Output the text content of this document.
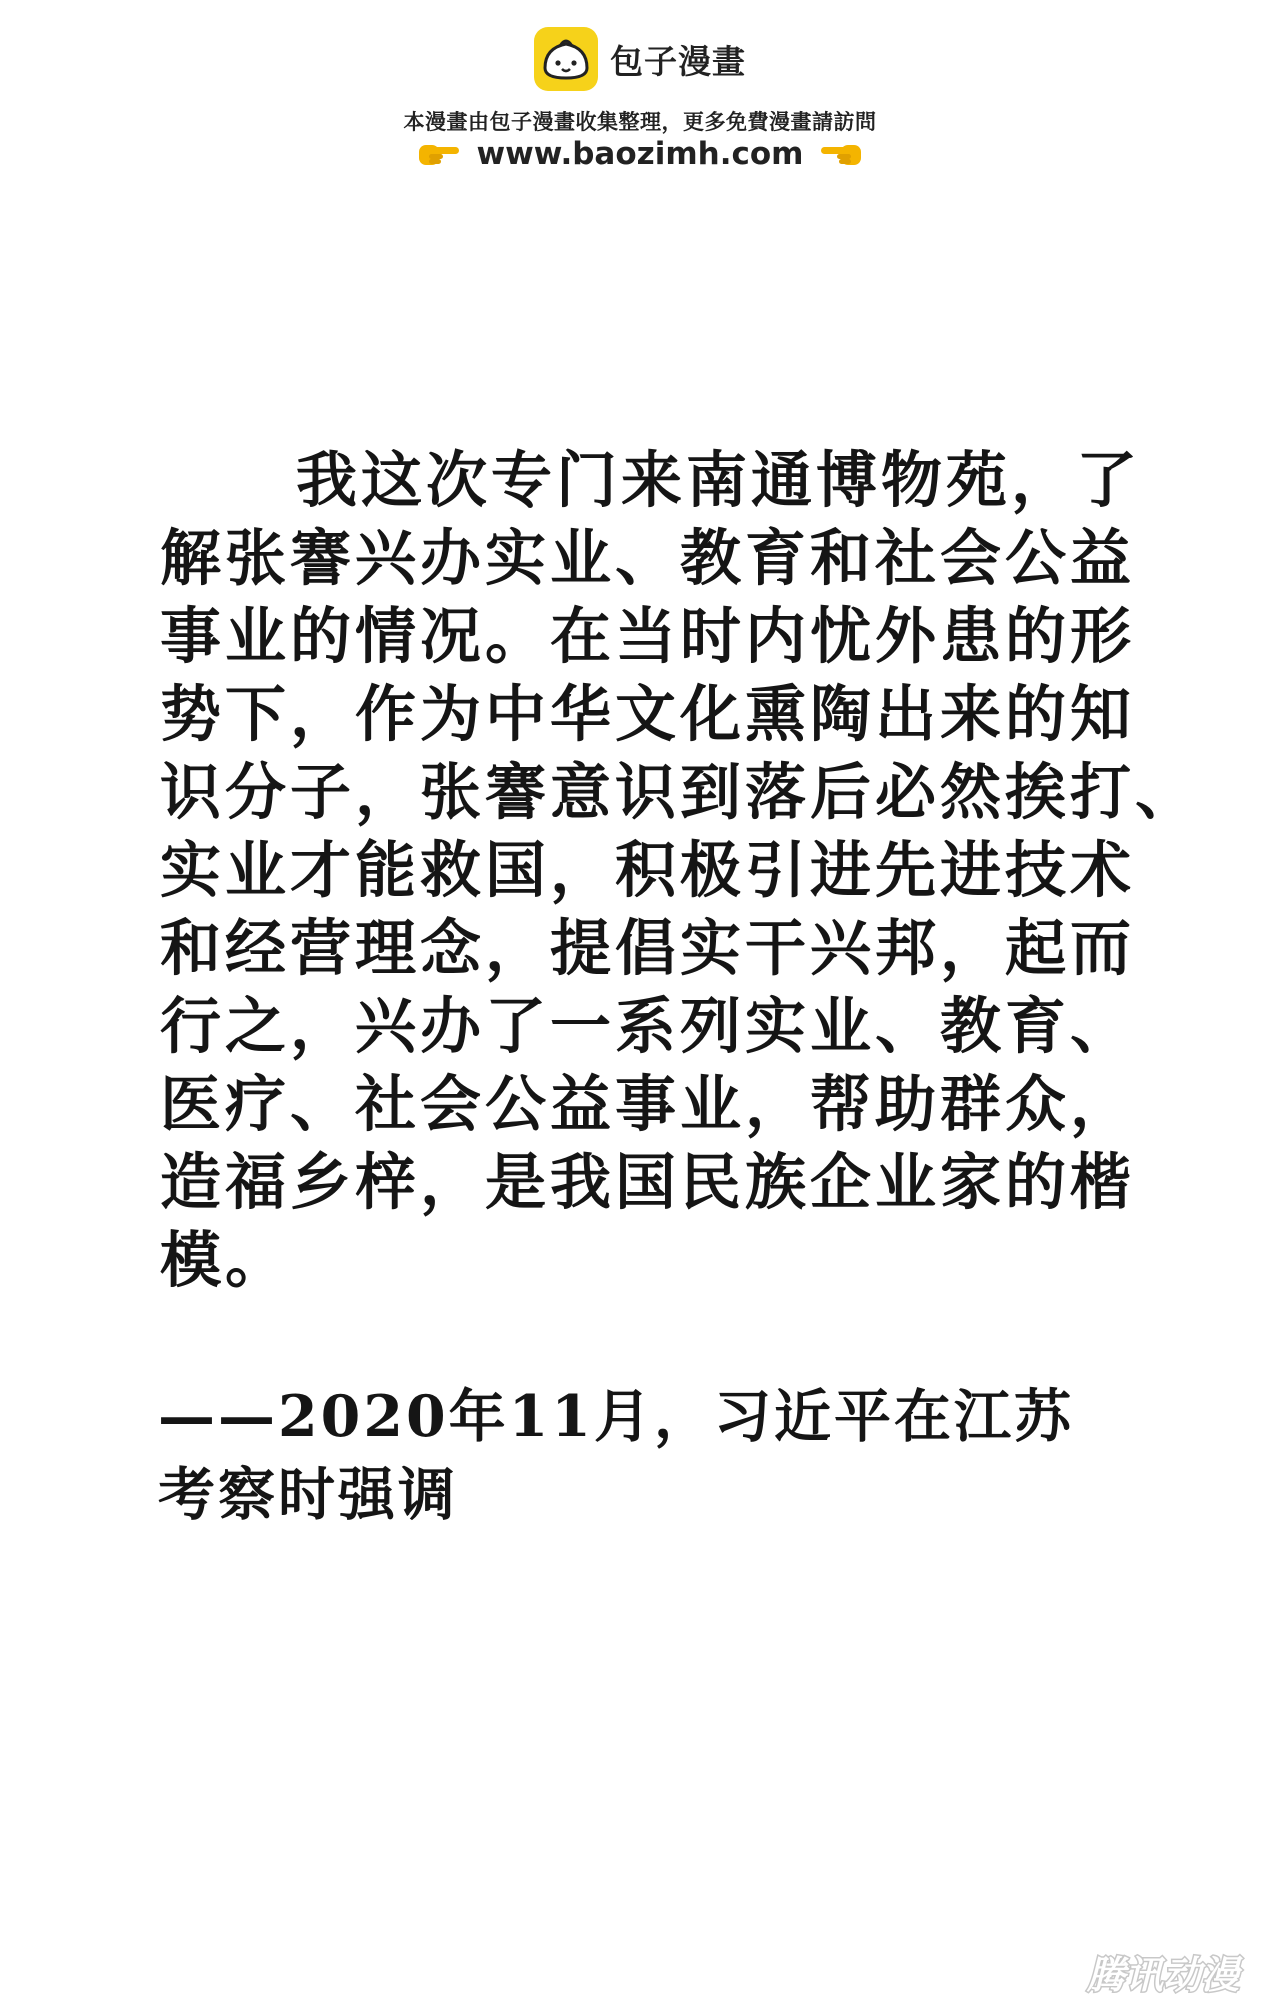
包子漫畫
本漫畫由包子漫畫收集整理，更多免費漫畫請訪問
www.baozimh.com
我这次专门来南通博物苑，了
解张謇兴办实业、教育和社会公益
事业的情况。在当时内忧外患的形
势下，作为中华文化熏陶出来的知
识分子，张謇意识到落后必然挨打、
实业才能救国，积极引进先进技术
和经营理念，提倡实干兴邦，起而
行之，兴办了一系列实业、教育、
医疗、社会公益事业，帮助群众，
造福乡梓，是我国民族企业家的楷
模。
——2020年11月，习近平在江苏
考察时强调
腾讯动漫
